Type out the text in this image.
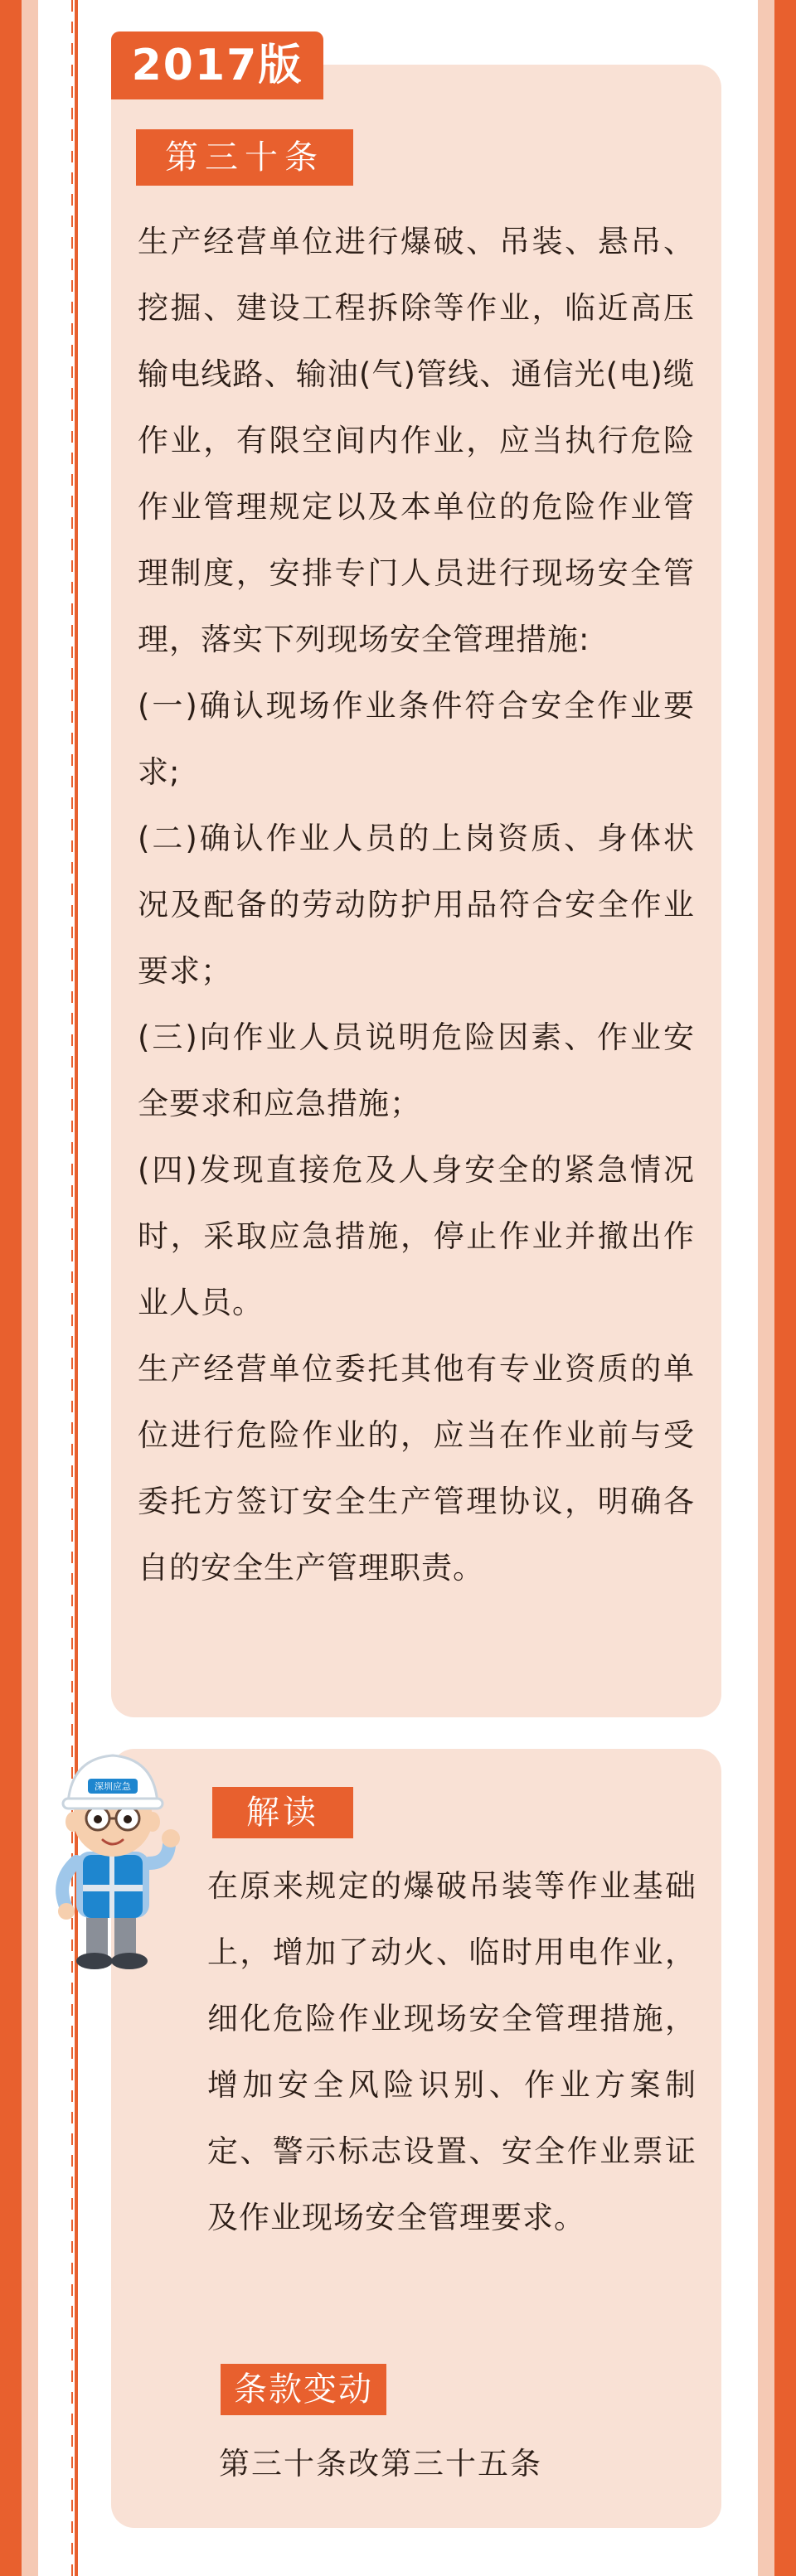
2017版
第三十条

生产经营单位进行爆破、吊装、悬吊、挖掘、建设工程拆除等作业，临近高压输电线路、输油(气)管线、通信光(电)缆作业，有限空间内作业，应当执行危险作业管理规定以及本单位的危险作业管理制度，安排专门人员进行现场安全管理，落实下列现场安全管理措施:

(一)确认现场作业条件符合安全作业要求;

(二)确认作业人员的上岗资质、身体状况及配备的劳动防护用品符合安全作业要求；

(三)向作业人员说明危险因素、作业安全要求和应急措施；

(四)发现直接危及人身安全的紧急情况时，采取应急措施，停止作业并撤出作业人员。

生产经营单位委托其他有专业资质的单位进行危险作业的，应当在作业前与受委托方签订安全生产管理协议，明确各自的安全生产管理职责。

解读

在原来规定的爆破吊装等作业基础上，增加了动火、临时用电作业，细化危险作业现场安全管理措施，增加安全风险识别、作业方案制定、警示标志设置、安全作业票证及作业现场安全管理要求。

条款变动
第三十条改第三十五条
深圳应急
